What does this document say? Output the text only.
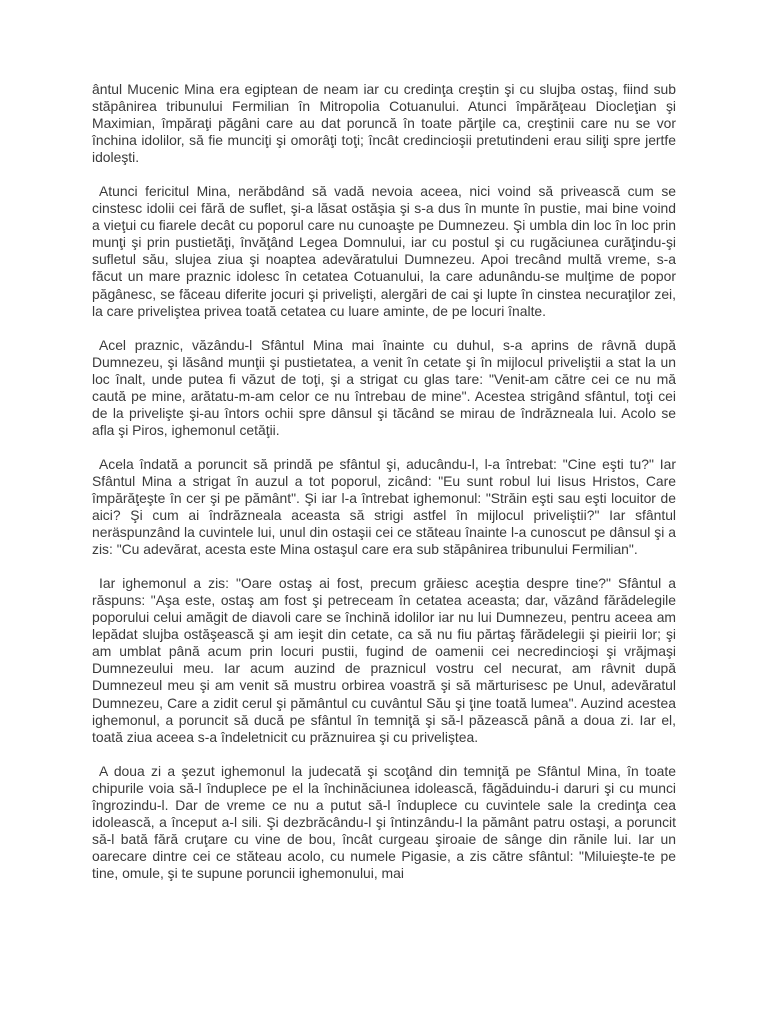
ântul Mucenic Mina era egiptean de neam iar cu credinţa creştin şi cu slujba ostaş, fiind sub stăpânirea tribunului Fermilian în Mitropolia Cotuanului. Atunci împărăţeau Diocleţian şi Maximian, împăraţi păgâni care au dat poruncă în toate părţile ca, creştinii care nu se vor închina idolilor, să fie munciţi şi omorâţi toţi; încât credincioşii pretutindeni erau siliţi spre jertfe idoleşti.

Atunci fericitul Mina, nerăbdând să vadă nevoia aceea, nici voind să privească cum se cinstesc idolii cei fără de suflet, şi-a lăsat ostăşia şi s-a dus în munte în pustie, mai bine voind a vieţui cu fiarele decât cu poporul care nu cunoaşte pe Dumnezeu. Şi umbla din loc în loc prin munţi şi prin pustietăţi, învăţând Legea Domnului, iar cu postul şi cu rugăciunea curăţindu-şi sufletul său, slujea ziua şi noaptea adevăratului Dumnezeu. Apoi trecând multă vreme, s-a făcut un mare praznic idolesc în cetatea Cotuanului, la care adunându-se mulţime de popor păgânesc, se făceau diferite jocuri şi privelişti, alergări de cai şi lupte în cinstea necuraţilor zei, la care priveliştea privea toată cetatea cu luare aminte, de pe locuri înalte.

Acel praznic, văzându-l Sfântul Mina mai înainte cu duhul, s-a aprins de râvnă după Dumnezeu, şi lăsând munţii şi pustietatea, a venit în cetate şi în mijlocul priveliştii a stat la un loc înalt, unde putea fi văzut de toţi, şi a strigat cu glas tare: "Venit-am către cei ce nu mă caută pe mine, arătatu-m-am celor ce nu întrebau de mine". Acestea strigând sfântul, toţi cei de la privelişte şi-au întors ochii spre dânsul şi tăcând se mirau de îndrăzneala lui. Acolo se afla şi Piros, ighemonul cetăţii.

Acela îndată a poruncit să prindă pe sfântul şi, aducându-l, l-a întrebat: "Cine eşti tu?" Iar Sfântul Mina a strigat în auzul a tot poporul, zicând: "Eu sunt robul lui Iisus Hristos, Care împărăţeşte în cer şi pe pământ". Şi iar l-a întrebat ighemonul: "Străin eşti sau eşti locuitor de aici? Şi cum ai îndrăzneala aceasta să strigi astfel în mijlocul priveliştii?" Iar sfântul neräspunzând la cuvintele lui, unul din ostaşii cei ce stăteau înainte l-a cunoscut pe dânsul şi a zis: "Cu adevărat, acesta este Mina ostaşul care era sub stăpânirea tribunului Fermilian".

Iar ighemonul a zis: "Oare ostaş ai fost, precum grăiesc aceştia despre tine?" Sfântul a răspuns: "Aşa este, ostaş am fost şi petreceam în cetatea aceasta; dar, văzând fărădelegile poporului celui amăgit de diavoli care se închină idolilor iar nu lui Dumnezeu, pentru aceea am lepădat slujba ostăşească şi am ieşit din cetate, ca să nu fiu părtaş fărădelegii şi pieirii lor; şi am umblat până acum prin locuri pustii, fugind de oamenii cei necredincioşi şi vrăjmaşi Dumnezeului meu. Iar acum auzind de praznicul vostru cel necurat, am râvnit după Dumnezeul meu şi am venit să mustru orbirea voastră şi să mărturisesc pe Unul, adevăratul Dumnezeu, Care a zidit cerul şi pământul cu cuvântul Său şi ţine toată lumea". Auzind acestea ighemonul, a poruncit să ducă pe sfântul în temniţă şi să-l păzească până a doua zi. Iar el, toată ziua aceea s-a îndeletnicit cu prăznuirea şi cu priveliştea.

A doua zi a şezut ighemonul la judecată şi scoţând din temniţă pe Sfântul Mina, în toate chipurile voia să-l înduplece pe el la închinăciunea idolească, făgăduindu-i daruri şi cu munci îngrozindu-l. Dar de vreme ce nu a putut să-l înduplece cu cuvintele sale la credinţa cea idolească, a început a-l sili. Şi dezbrăcându-l şi întinzându-l la pământ patru ostaşi, a poruncit să-l bată fără cruţare cu vine de bou, încât curgeau şiroaie de sânge din rănile lui. Iar un oarecare dintre cei ce stăteau acolo, cu numele Pigasie, a zis către sfântul: "Miluieşte-te pe tine, omule, şi te supune poruncii ighemonului, mai
